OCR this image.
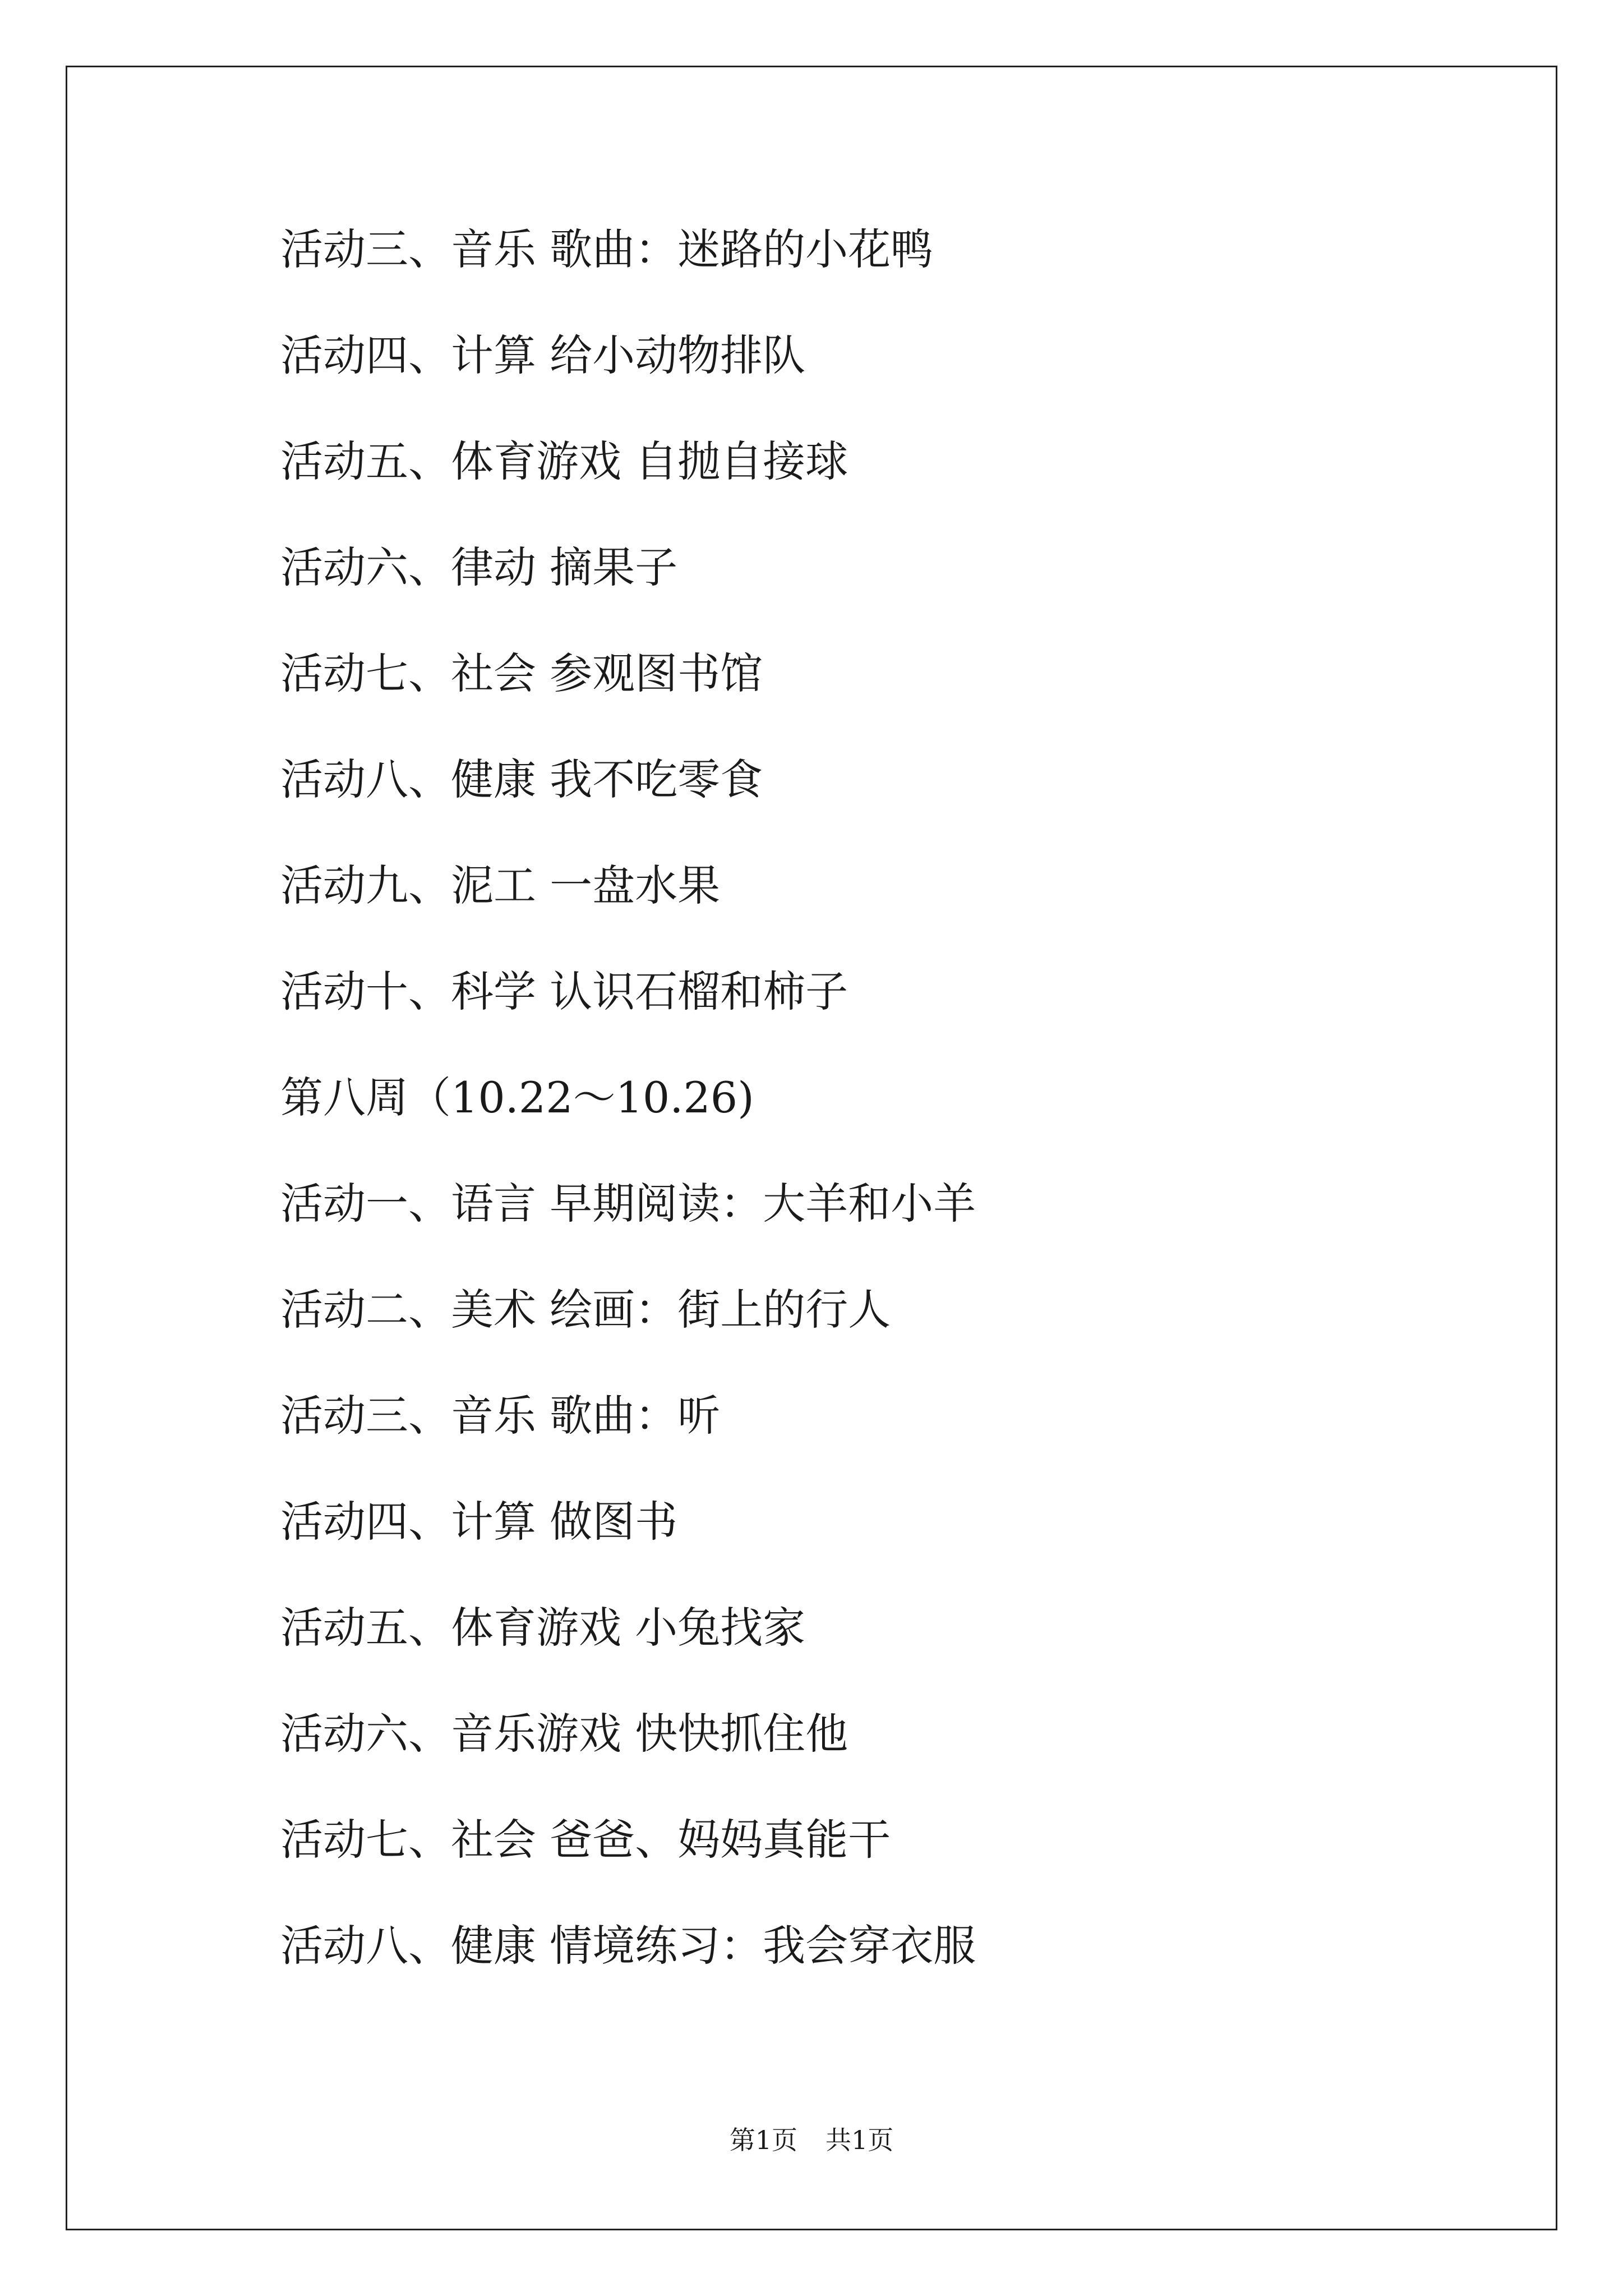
活动三、音乐 歌曲：迷路的小花鸭
活动四、计算 给小动物排队
活动五、体育游戏 自抛自接球
活动六、律动 摘果子
活动七、社会 参观图书馆
活动八、健康 我不吃零食
活动九、泥工 一盘水果
活动十、科学 认识石榴和柿子
第八周（10.22～10.26)
活动一、语言 早期阅读：大羊和小羊
活动二、美术 绘画：街上的行人
活动三、音乐 歌曲：听
活动四、计算 做图书
活动五、体育游戏 小兔找家
活动六、音乐游戏 快快抓住他
活动七、社会 爸爸、妈妈真能干
活动八、健康 情境练习：我会穿衣服
第1页 共1页
